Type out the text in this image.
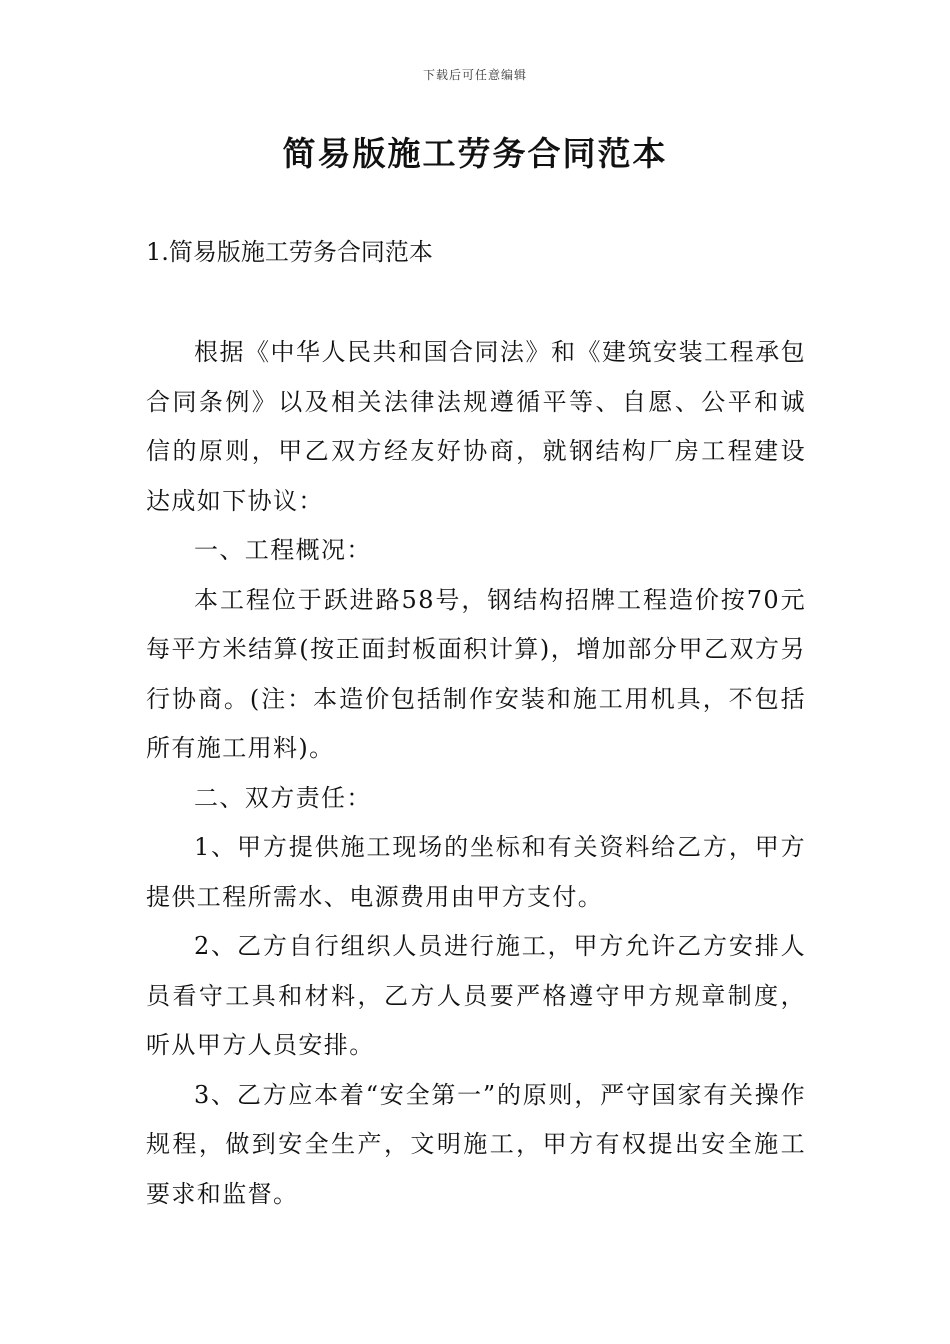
下载后可任意编辑
简易版施工劳务合同范本
1.简易版施工劳务合同范本

根据《中华人民共和国合同法》和《建筑安装工程承包合同条例》以及相关法律法规遵循平等、自愿、公平和诚信的原则，甲乙双方经友好协商，就钢结构厂房工程建设达成如下协议：

一、工程概况：

本工程位于跃进路58号，钢结构招牌工程造价按70元每平方米结算(按正面封板面积计算)，增加部分甲乙双方另行协商。(注：本造价包括制作安装和施工用机具，不包括所有施工用料)。

二、双方责任：

1、甲方提供施工现场的坐标和有关资料给乙方，甲方提供工程所需水、电源费用由甲方支付。

2、乙方自行组织人员进行施工，甲方允许乙方安排人员看守工具和材料，乙方人员要严格遵守甲方规章制度，听从甲方人员安排。

3、乙方应本着“安全第一”的原则，严守国家有关操作规程，做到安全生产，文明施工，甲方有权提出安全施工要求和监督。
